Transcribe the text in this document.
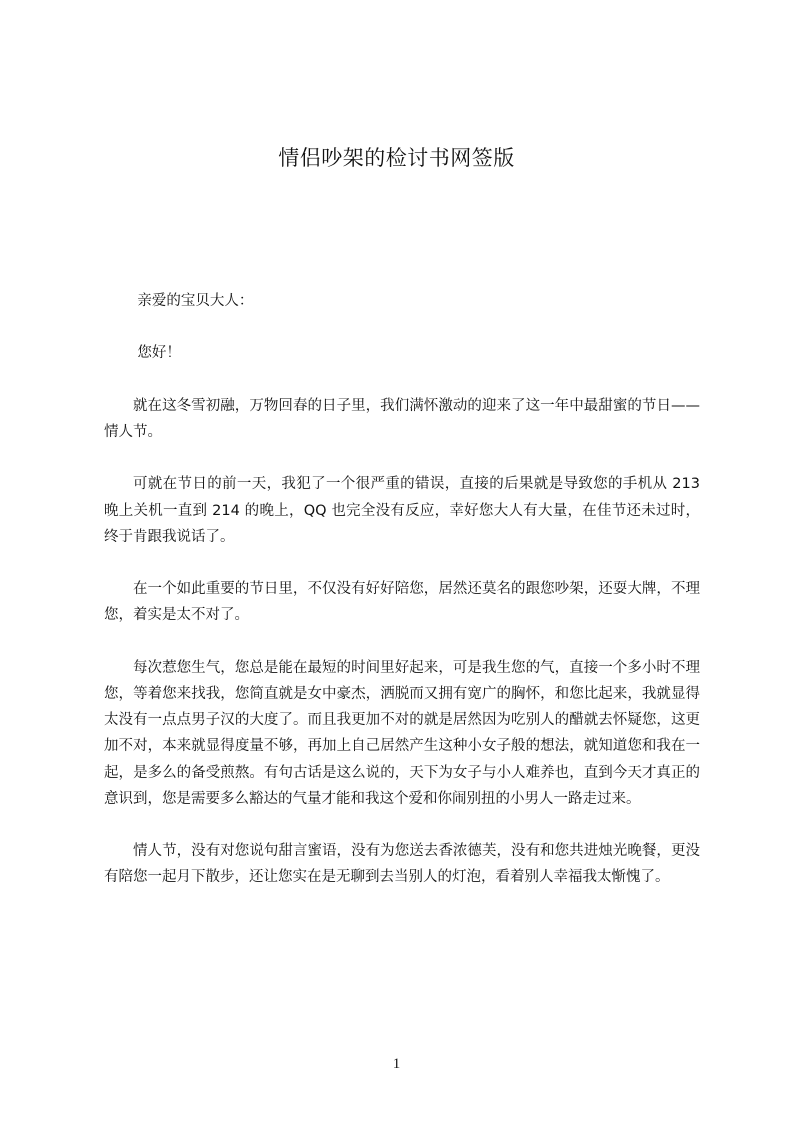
情侣吵架的检讨书网签版

亲爱的宝贝大人：

您好！

就在这冬雪初融，万物回春的日子里，我们满怀激动的迎来了这一年中最甜蜜的节日——情人节。

可就在节日的前一天，我犯了一个很严重的错误，直接的后果就是导致您的手机从 213 晚上关机一直到 214 的晚上，QQ 也完全没有反应，幸好您大人有大量，在佳节还未过时，终于肯跟我说话了。

在一个如此重要的节日里，不仅没有好好陪您，居然还莫名的跟您吵架，还耍大牌，不理您，着实是太不对了。

每次惹您生气，您总是能在最短的时间里好起来，可是我生您的气，直接一个多小时不理您，等着您来找我，您简直就是女中豪杰，洒脱而又拥有宽广的胸怀，和您比起来，我就显得太没有一点点男子汉的大度了。而且我更加不对的就是居然因为吃别人的醋就去怀疑您，这更加不对，本来就显得度量不够，再加上自己居然产生这种小女子般的想法，就知道您和我在一起，是多么的备受煎熬。有句古话是这么说的，天下为女子与小人难养也，直到今天才真正的意识到，您是需要多么豁达的气量才能和我这个爱和你闹别扭的小男人一路走过来。

情人节，没有对您说句甜言蜜语，没有为您送去香浓德芙，没有和您共进烛光晚餐，更没有陪您一起月下散步，还让您实在是无聊到去当别人的灯泡，看着别人幸福我太惭愧了。

1
